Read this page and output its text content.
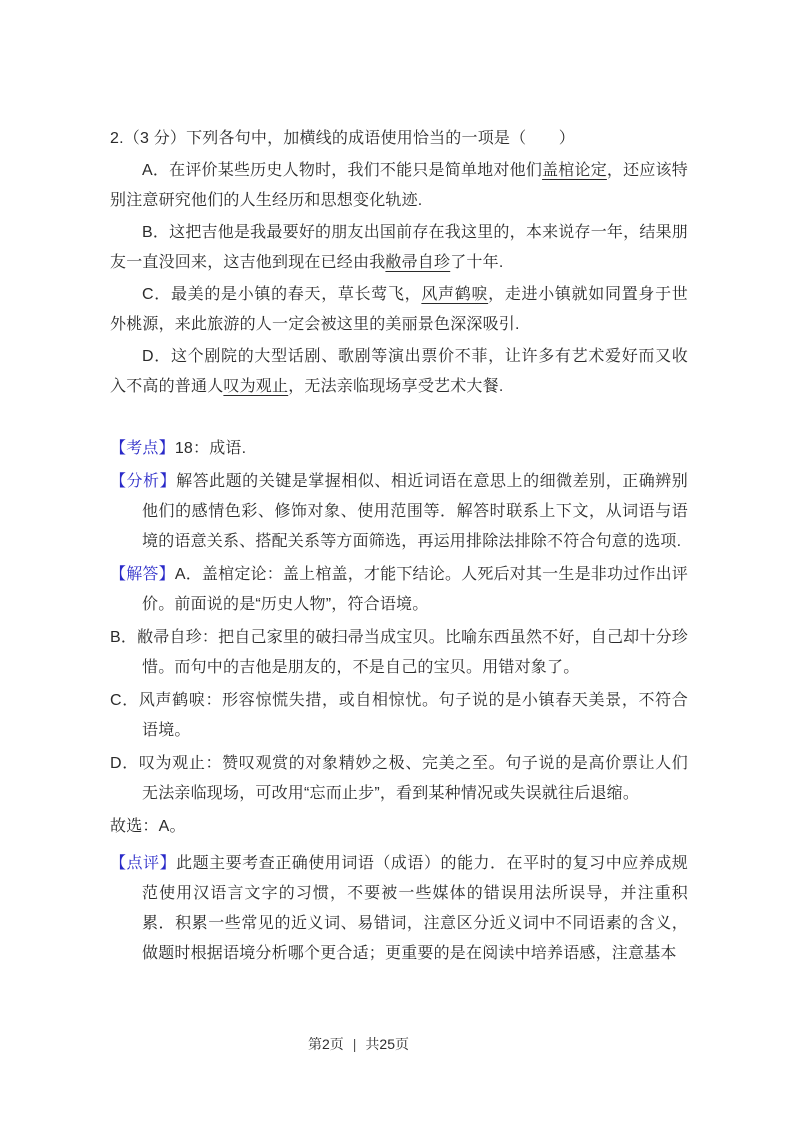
2.（3 分）下列各句中，加横线的成语使用恰当的一项是（　　）

A．在评价某些历史人物时，我们不能只是简单地对他们盖棺论定，还应该特别注意研究他们的人生经历和思想变化轨迹.

B．这把吉他是我最要好的朋友出国前存在我这里的，本来说存一年，结果朋友一直没回来，这吉他到现在已经由我敝帚自珍了十年.

C．最美的是小镇的春天，草长莺飞，风声鹤唳，走进小镇就如同置身于世外桃源，来此旅游的人一定会被这里的美丽景色深深吸引.

D．这个剧院的大型话剧、歌剧等演出票价不菲，让许多有艺术爱好而又收入不高的普通人叹为观止，无法亲临现场享受艺术大餐.

【考点】18：成语.

【分析】解答此题的关键是掌握相似、相近词语在意思上的细微差别，正确辨别他们的感情色彩、修饰对象、使用范围等．解答时联系上下文，从词语与语境的语意关系、搭配关系等方面筛选，再运用排除法排除不符合句意的选项.

【解答】A．盖棺定论：盖上棺盖，才能下结论。人死后对其一生是非功过作出评价。前面说的是“历史人物”，符合语境。

B．敝帚自珍：把自己家里的破扫帚当成宝贝。比喻东西虽然不好，自己却十分珍惜。而句中的吉他是朋友的，不是自己的宝贝。用错对象了。

C．风声鹤唳：形容惊慌失措，或自相惊忧。句子说的是小镇春天美景，不符合语境。

D．叹为观止：赞叹观赏的对象精妙之极、完美之至。句子说的是高价票让人们无法亲临现场，可改用“忘而止步”，看到某种情况或失误就往后退缩。

故选：A。

【点评】此题主要考查正确使用词语（成语）的能力．在平时的复习中应养成规范使用汉语言文字的习惯，不要被一些媒体的错误用法所误导，并注重积累．积累一些常见的近义词、易错词，注意区分近义词中不同语素的含义，做题时根据语境分析哪个更合适；更重要的是在阅读中培养语感，注意基本

第2页 | 共25页
